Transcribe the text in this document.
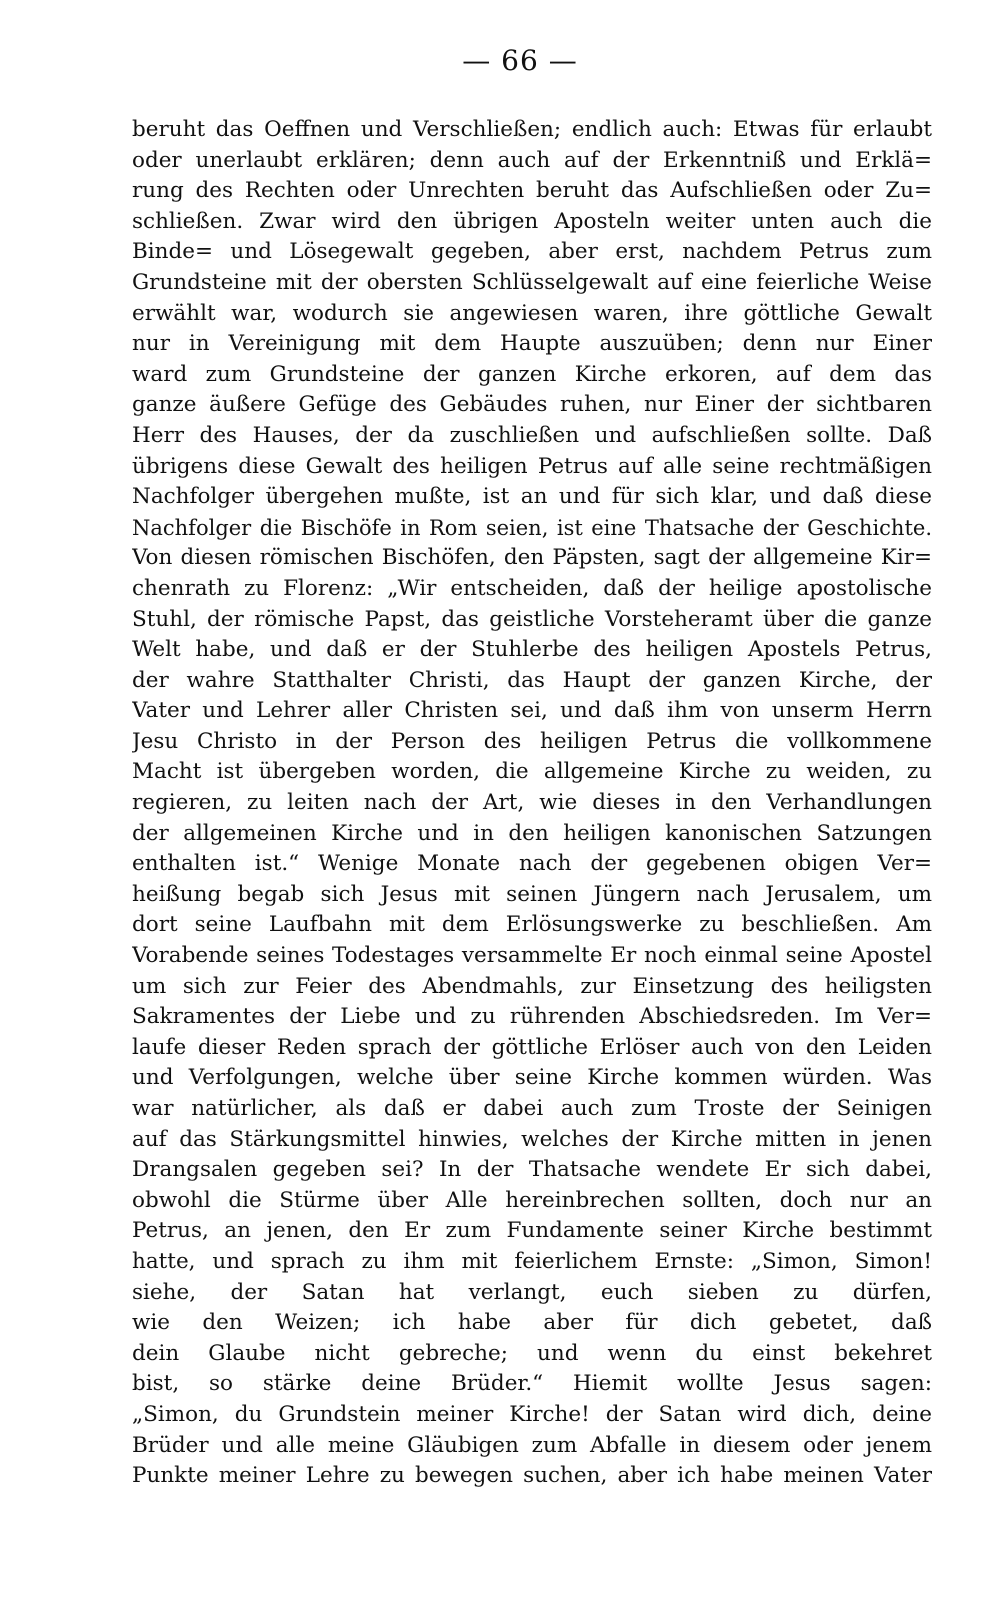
— 66 —
beruht das Oeffnen und Verschließen; endlich auch: Etwas für erlaubt
oder unerlaubt erklären; denn auch auf der Erkenntniß und Erklä=
rung des Rechten oder Unrechten beruht das Aufschließen oder Zu=
schließen. Zwar wird den übrigen Aposteln weiter unten auch die
Binde= und Lösegewalt gegeben, aber erst, nachdem Petrus zum
Grundsteine mit der obersten Schlüsselgewalt auf eine feierliche Weise
erwählt war, wodurch sie angewiesen waren, ihre göttliche Gewalt
nur in Vereinigung mit dem Haupte auszuüben; denn nur Einer
ward zum Grundsteine der ganzen Kirche erkoren, auf dem das
ganze äußere Gefüge des Gebäudes ruhen, nur Einer der sichtbaren
Herr des Hauses, der da zuschließen und aufschließen sollte. Daß
übrigens diese Gewalt des heiligen Petrus auf alle seine rechtmäßigen
Nachfolger übergehen mußte, ist an und für sich klar, und daß diese
Nachfolger die Bischöfe in Rom seien, ist eine Thatsache der Geschichte.
Von diesen römischen Bischöfen, den Päpsten, sagt der allgemeine Kir=
chenrath zu Florenz: „Wir entscheiden, daß der heilige apostolische
Stuhl, der römische Papst, das geistliche Vorsteheramt über die ganze
Welt habe, und daß er der Stuhlerbe des heiligen Apostels Petrus,
der wahre Statthalter Christi, das Haupt der ganzen Kirche, der
Vater und Lehrer aller Christen sei, und daß ihm von unserm Herrn
Jesu Christo in der Person des heiligen Petrus die vollkommene
Macht ist übergeben worden, die allgemeine Kirche zu weiden, zu
regieren, zu leiten nach der Art, wie dieses in den Verhandlungen
der allgemeinen Kirche und in den heiligen kanonischen Satzungen
enthalten ist.“ Wenige Monate nach der gegebenen obigen Ver=
heißung begab sich Jesus mit seinen Jüngern nach Jerusalem, um
dort seine Laufbahn mit dem Erlösungswerke zu beschließen. Am
Vorabende seines Todestages versammelte Er noch einmal seine Apostel
um sich zur Feier des Abendmahls, zur Einsetzung des heiligsten
Sakramentes der Liebe und zu rührenden Abschiedsreden. Im Ver=
laufe dieser Reden sprach der göttliche Erlöser auch von den Leiden
und Verfolgungen, welche über seine Kirche kommen würden. Was
war natürlicher, als daß er dabei auch zum Troste der Seinigen
auf das Stärkungsmittel hinwies, welches der Kirche mitten in jenen
Drangsalen gegeben sei? In der Thatsache wendete Er sich dabei,
obwohl die Stürme über Alle hereinbrechen sollten, doch nur an
Petrus, an jenen, den Er zum Fundamente seiner Kirche bestimmt
hatte, und sprach zu ihm mit feierlichem Ernste: „Simon, Simon!
siehe, der Satan hat verlangt, euch sieben zu dürfen,
wie den Weizen; ich habe aber für dich gebetet, daß
dein Glaube nicht gebreche; und wenn du einst bekehret
bist, so stärke deine Brüder.“ Hiemit wollte Jesus sagen:
„Simon, du Grundstein meiner Kirche! der Satan wird dich, deine
Brüder und alle meine Gläubigen zum Abfalle in diesem oder jenem
Punkte meiner Lehre zu bewegen suchen, aber ich habe meinen Vater
